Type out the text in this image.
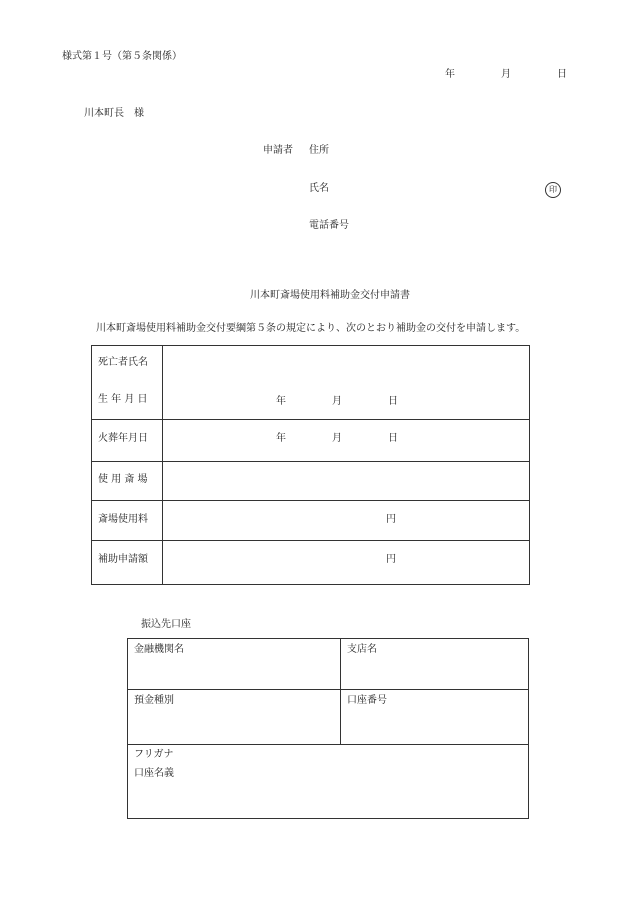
様式第１号（第５条関係）
年	月	日
川本町長　様
申請者 住所
氏名	印
電話番号
川本町斎場使用料補助金交付申請書
川本町斎場使用料補助金交付要綱第５条の規定により、次のとおり補助金の交付を申請します。
死亡者氏名
生 年 月 日	年	月	日
火葬年月日	年	月	日
使 用 斎 場
斎場使用料	円
補助申請額	円
振込先口座
金融機関名	支店名
預金種別	口座番号
フリガナ
口座名義
